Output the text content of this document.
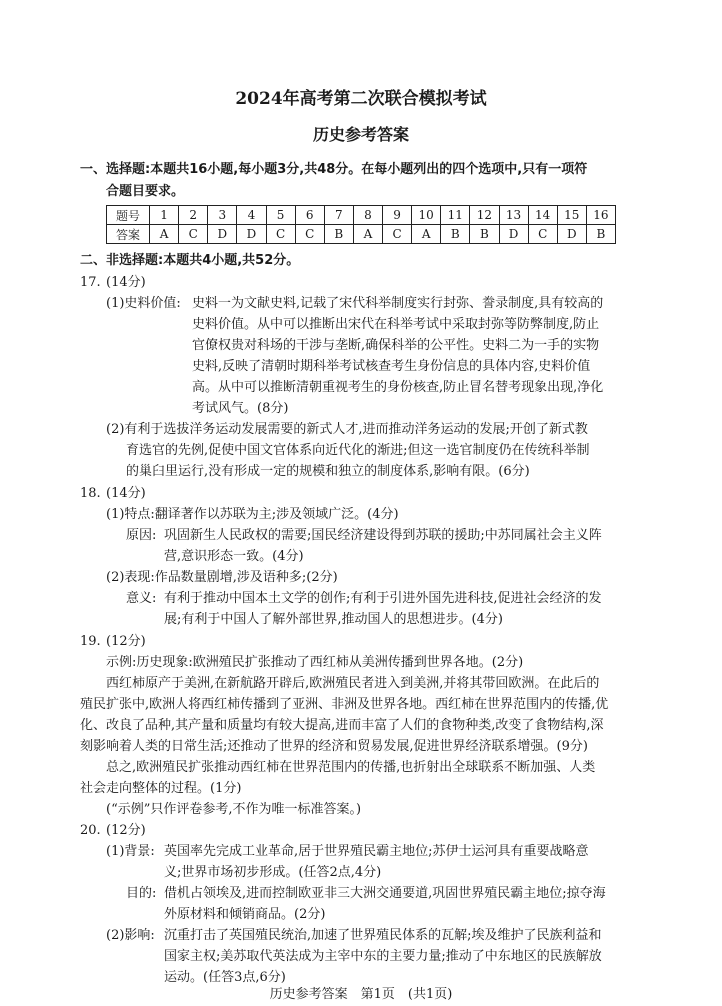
2024年高考第二次联合模拟考试
历史参考答案
一、选择题:本题共16小题,每小题3分,共48分。在每小题列出的四个选项中,只有一项符
合题目要求。
题号	1	2	3	4	5	6	7	8	9	10	11	12	13	14	15	16
答案	A	C	D	D	C	C	B	A	C	A	B	B	D	C	D	B
二、非选择题:本题共4小题,共52分。
17. (14分)
(1)史料价值: 史料一为文献史料,记载了宋代科举制度实行封弥、誊录制度,具有较高的
史料价值。从中可以推断出宋代在科举考试中采取封弥等防弊制度,防止
官僚权贵对科场的干涉与垄断,确保科举的公平性。史料二为一手的实物
史料,反映了清朝时期科举考试核查考生身份信息的具体内容,史料价值
高。从中可以推断清朝重视考生的身份核查,防止冒名替考现象出现,净化
考试风气。(8分)
(2)有利于选拔洋务运动发展需要的新式人才,进而推动洋务运动的发展;开创了新式教
育选官的先例,促使中国文官体系向近代化的渐进;但这一选官制度仍在传统科举制
的巢臼里运行,没有形成一定的规模和独立的制度体系,影响有限。(6分)
18. (14分)
(1)特点:翻译著作以苏联为主;涉及领域广泛。(4分)
原因: 巩固新生人民政权的需要;国民经济建设得到苏联的援助;中苏同属社会主义阵
营,意识形态一致。(4分)
(2)表现:作品数量剧增,涉及语种多;(2分)
意义: 有利于推动中国本土文学的创作;有利于引进外国先进科技,促进社会经济的发
展;有利于中国人了解外部世界,推动国人的思想进步。(4分)
19. (12分)
示例:历史现象:欧洲殖民扩张推动了西红柿从美洲传播到世界各地。(2分)
西红柿原产于美洲,在新航路开辟后,欧洲殖民者进入到美洲,并将其带回欧洲。在此后的
殖民扩张中,欧洲人将西红柿传播到了亚洲、非洲及世界各地。西红柿在世界范围内的传播,优
化、改良了品种,其产量和质量均有较大提高,进而丰富了人们的食物种类,改变了食物结构,深
刻影响着人类的日常生活;还推动了世界的经济和贸易发展,促进世界经济联系增强。(9分)
总之,欧洲殖民扩张推动西红柿在世界范围内的传播,也折射出全球联系不断加强、人类
社会走向整体的过程。(1分)
(“示例”只作评卷参考,不作为唯一标准答案。)
20. (12分)
(1)背景: 英国率先完成工业革命,居于世界殖民霸主地位;苏伊士运河具有重要战略意
义;世界市场初步形成。(任答2点,4分)
目的: 借机占领埃及,进而控制欧亚非三大洲交通要道,巩固世界殖民霸主地位;掠夺海
外原材料和倾销商品。(2分)
(2)影响: 沉重打击了英国殖民统治,加速了世界殖民体系的瓦解;埃及维护了民族利益和
国家主权;美苏取代英法成为主宰中东的主要力量;推动了中东地区的民族解放
运动。(任答3点,6分)
历史参考答案　第1页　(共1页)
